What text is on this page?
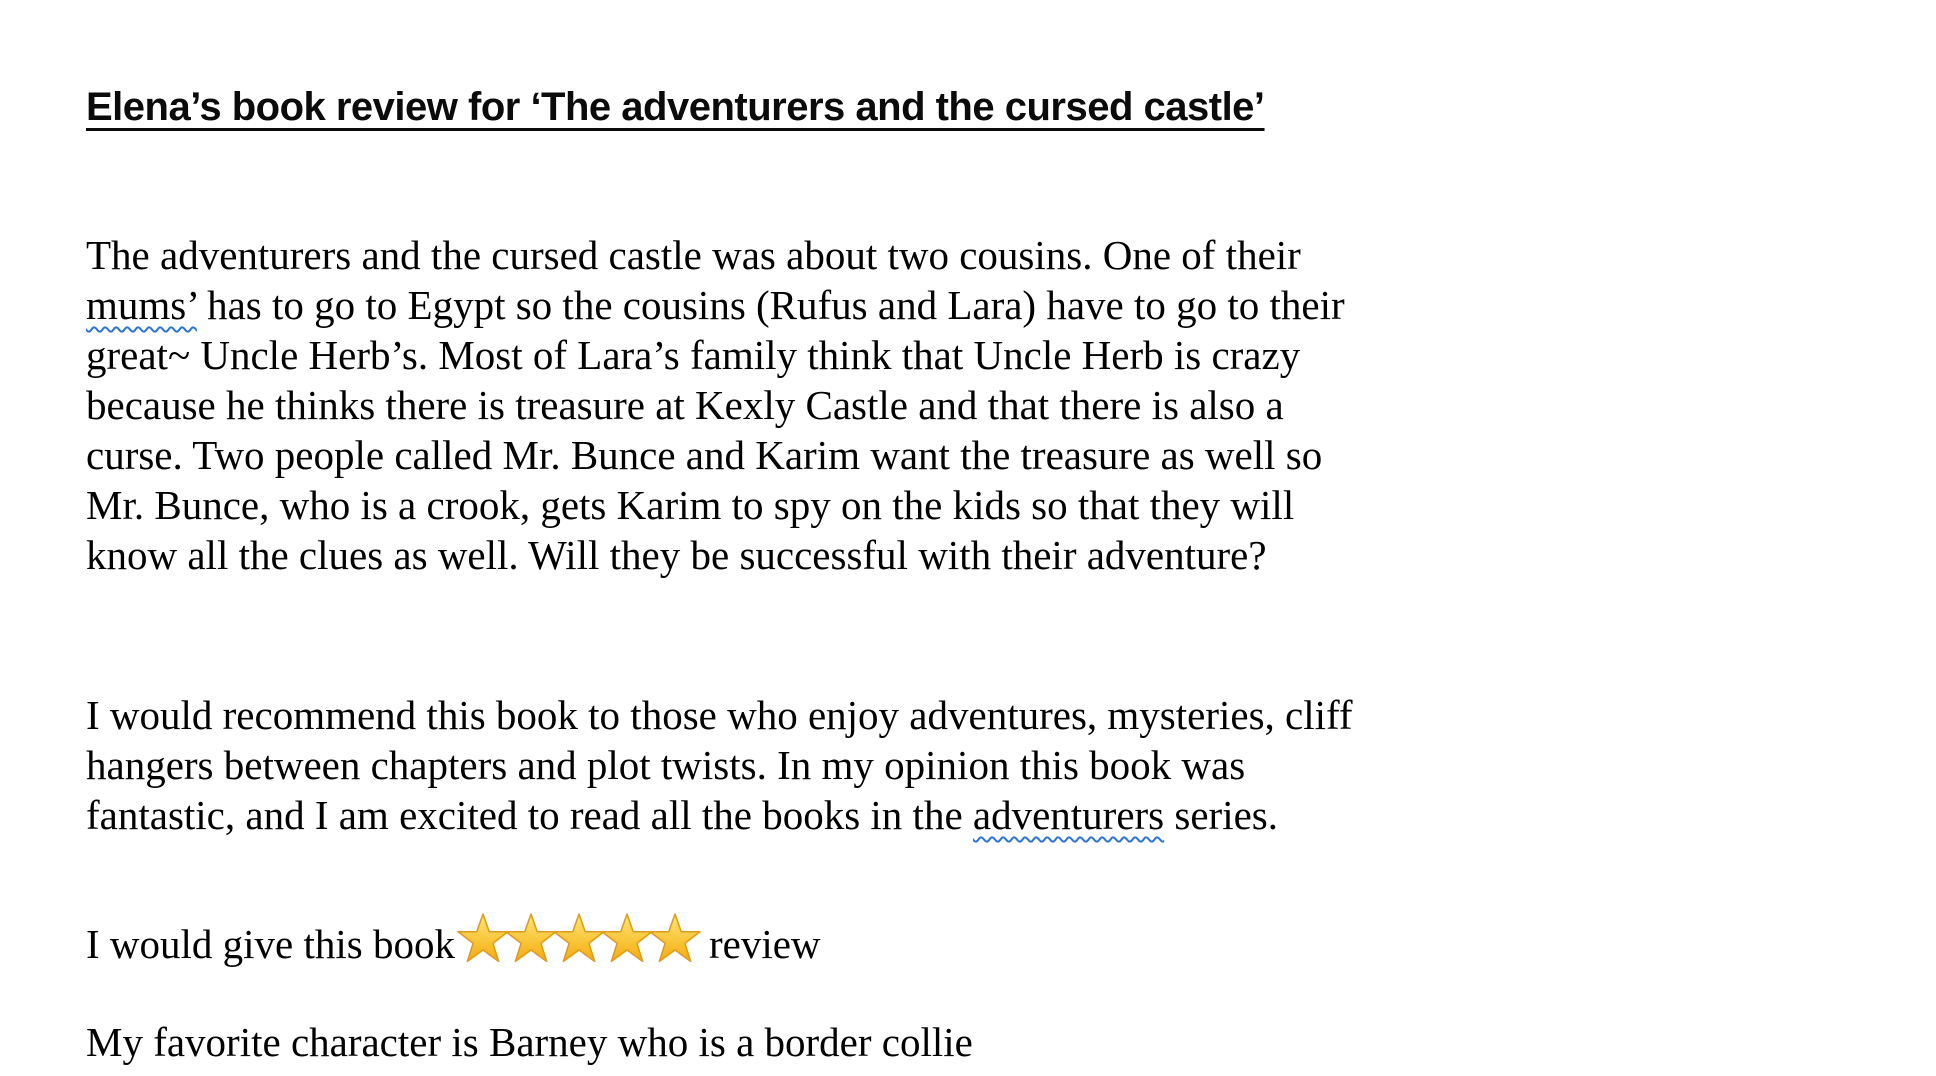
Elena’s book review for ‘The adventurers and the cursed castle’
The adventurers and the cursed castle was about two cousins. One of their
mums’ has to go to Egypt so the cousins (Rufus and Lara) have to go to their
great~ Uncle Herb’s. Most of Lara’s family think that Uncle Herb is crazy
because he thinks there is treasure at Kexly Castle and that there is also a
curse. Two people called Mr. Bunce and Karim want the treasure as well so
Mr. Bunce, who is a crook, gets Karim to spy on the kids so that they will
know all the clues as well. Will they be successful with their adventure?
I would recommend this book to those who enjoy adventures, mysteries, cliff
hangers between chapters and plot twists. In my opinion this book was
fantastic, and I am excited to read all the books in the adventurers series.
I would give this book	review
My favorite character is Barney who is a border collie
